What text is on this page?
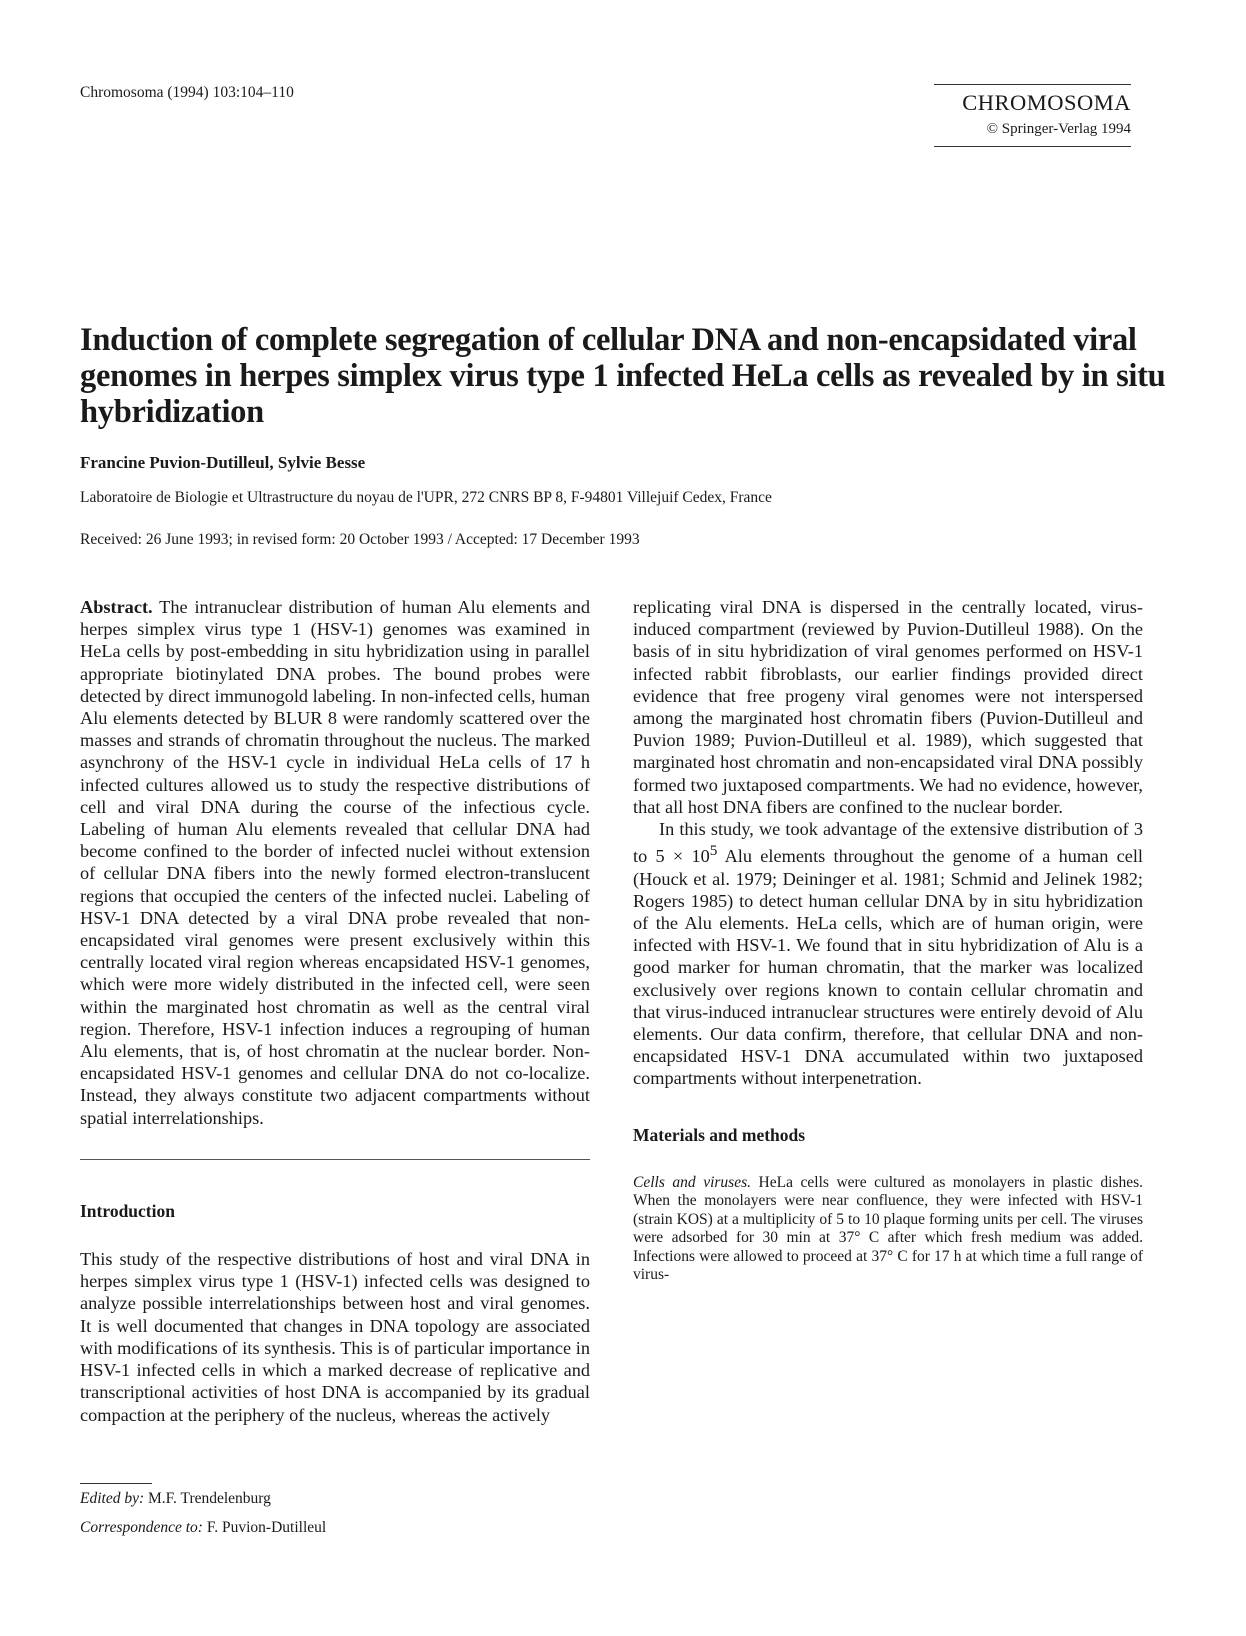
Chromosoma (1994) 103:104–110	CHROMOSOMA
© Springer-Verlag 1994
Induction of complete segregation of cellular DNA and non-encapsidated viral genomes in herpes simplex virus type 1 infected HeLa cells as revealed by in situ hybridization
Francine Puvion-Dutilleul, Sylvie Besse
Laboratoire de Biologie et Ultrastructure du noyau de l'UPR, 272 CNRS BP 8, F-94801 Villejuif Cedex, France
Received: 26 June 1993; in revised form: 20 October 1993 / Accepted: 17 December 1993

Abstract. The intranuclear distribution of human Alu elements and herpes simplex virus type 1 (HSV-1) genomes was examined in HeLa cells by post-embedding in situ hybridization using in parallel appropriate biotinylated DNA probes. The bound probes were detected by direct immunogold labeling. In non-infected cells, human Alu elements detected by BLUR 8 were randomly scattered over the masses and strands of chromatin throughout the nucleus. The marked asynchrony of the HSV-1 cycle in individual HeLa cells of 17 h infected cultures allowed us to study the respective distributions of cell and viral DNA during the course of the infectious cycle. Labeling of human Alu elements revealed that cellular DNA had become confined to the border of infected nuclei without extension of cellular DNA fibers into the newly formed electron-translucent regions that occupied the centers of the infected nuclei. Labeling of HSV-1 DNA detected by a viral DNA probe revealed that non-encapsidated viral genomes were present exclusively within this centrally located viral region whereas encapsidated HSV-1 genomes, which were more widely distributed in the infected cell, were seen within the marginated host chromatin as well as the central viral region. Therefore, HSV-1 infection induces a regrouping of human Alu elements, that is, of host chromatin at the nuclear border. Non-encapsidated HSV-1 genomes and cellular DNA do not co-localize. Instead, they always constitute two adjacent compartments without spatial interrelationships.

Introduction

This study of the respective distributions of host and viral DNA in herpes simplex virus type 1 (HSV-1) infected cells was designed to analyze possible interrelationships between host and viral genomes. It is well documented that changes in DNA topology are associated with modifications of its synthesis. This is of particular importance in HSV-1 infected cells in which a marked decrease of replicative and transcriptional activities of host DNA is accompanied by its gradual compaction at the periphery of the nucleus, whereas the actively

replicating viral DNA is dispersed in the centrally located, virus-induced compartment (reviewed by Puvion-Dutilleul 1988). On the basis of in situ hybridization of viral genomes performed on HSV-1 infected rabbit fibroblasts, our earlier findings provided direct evidence that free progeny viral genomes were not interspersed among the marginated host chromatin fibers (Puvion-Dutilleul and Puvion 1989; Puvion-Dutilleul et al. 1989), which suggested that marginated host chromatin and non-encapsidated viral DNA possibly formed two juxtaposed compartments. We had no evidence, however, that all host DNA fibers are confined to the nuclear border.

In this study, we took advantage of the extensive distribution of 3 to $5 \times 10^5$ Alu elements throughout the genome of a human cell (Houck et al. 1979; Deininger et al. 1981; Schmid and Jelinek 1982; Rogers 1985) to detect human cellular DNA by in situ hybridization of the Alu elements. HeLa cells, which are of human origin, were infected with HSV-1. We found that in situ hybridization of Alu is a good marker for human chromatin, that the marker was localized exclusively over regions known to contain cellular chromatin and that virus-induced intranuclear structures were entirely devoid of Alu elements. Our data confirm, therefore, that cellular DNA and non-encapsidated HSV-1 DNA accumulated within two juxtaposed compartments without interpenetration.

Materials and methods

Cells and viruses. HeLa cells were cultured as monolayers in plastic dishes. When the monolayers were near confluence, they were infected with HSV-1 (strain KOS) at a multiplicity of 5 to 10 plaque forming units per cell. The viruses were adsorbed for 30 min at 37° C after which fresh medium was added. Infections were allowed to proceed at 37° C for 17 h at which time a full range of virus-

Edited by: M.F. Trendelenburg
Correspondence to: F. Puvion-Dutilleul
